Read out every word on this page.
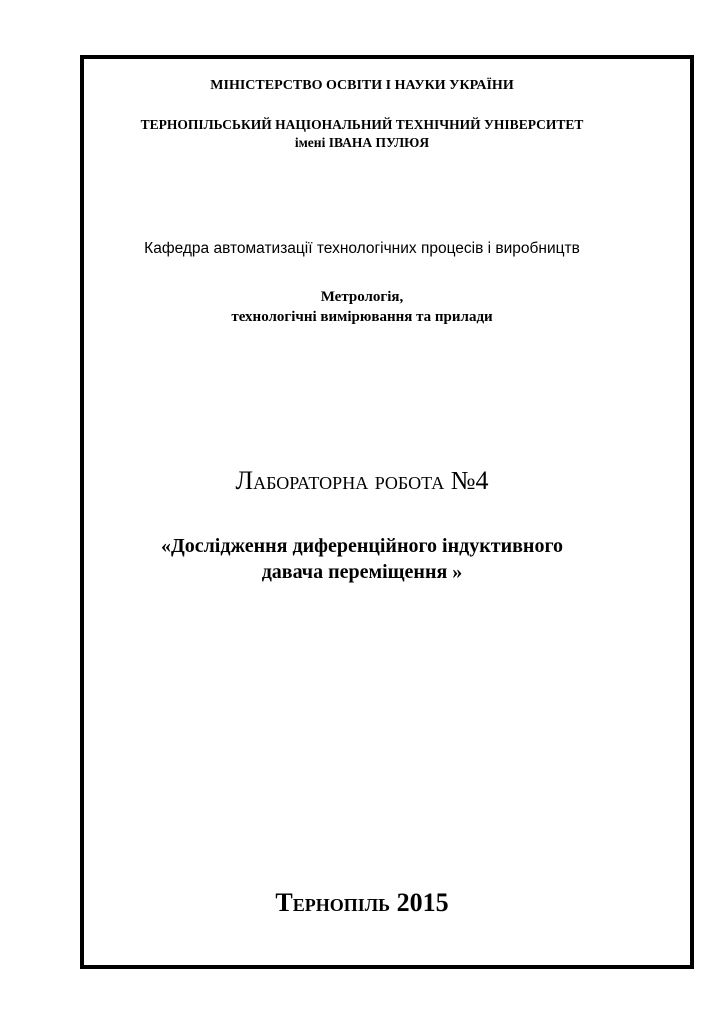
МІНІСТЕРСТВО ОСВІТИ І НАУКИ УКРАЇНИ
ТЕРНОПІЛЬСЬКИЙ НАЦІОНАЛЬНИЙ ТЕХНІЧНИЙ УНІВЕРСИТЕТ
імені ІВАНА ПУЛЮЯ
Кафедра автоматизації технологічних процесів і виробництв
Метрологія,
технологічні вимірювання та прилади
Лабораторна робота №4
«Дослідження диференційного індуктивного
давача переміщення »
Тернопіль 2015
